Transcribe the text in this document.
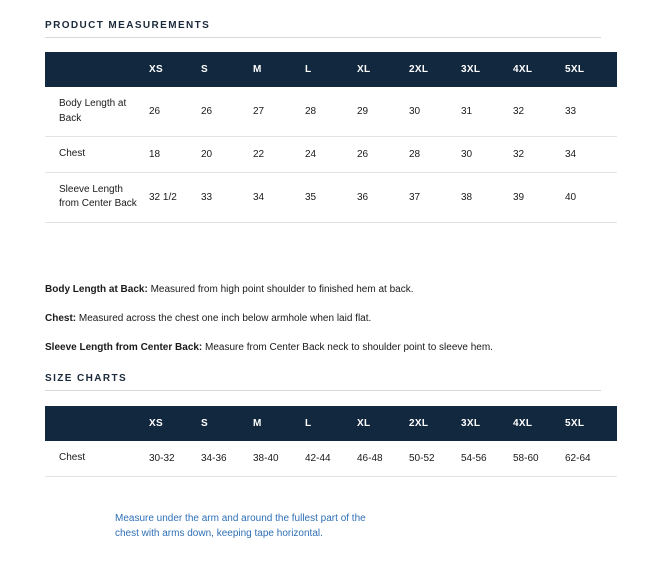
PRODUCT MEASUREMENTS
	XS	S	M	L	XL	2XL	3XL	4XL	5XL
Body Length at Back	26	26	27	28	29	30	31	32	33
Chest	18	20	22	24	26	28	30	32	34
Sleeve Length from Center Back	32 1/2	33	34	35	36	37	38	39	40
Body Length at Back: Measured from high point shoulder to finished hem at back.
Chest: Measured across the chest one inch below armhole when laid flat.
Sleeve Length from Center Back: Measure from Center Back neck to shoulder point to sleeve hem.
SIZE CHARTS
	XS	S	M	L	XL	2XL	3XL	4XL	5XL
Chest	30-32	34-36	38-40	42-44	46-48	50-52	54-56	58-60	62-64
Measure under the arm and around the fullest part of the chest with arms down, keeping tape horizontal.
